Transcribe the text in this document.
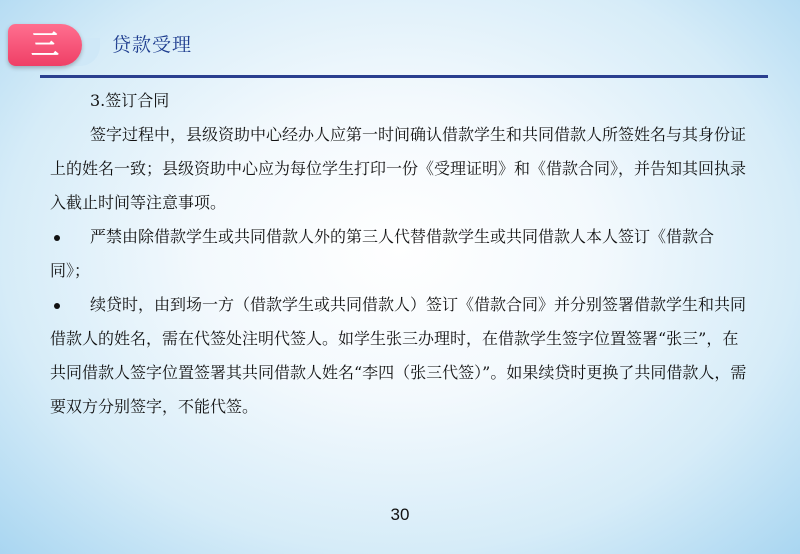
三	贷款受理

3.签订合同

签字过程中，县级资助中心经办人应第一时间确认借款学生和共同借款人所签姓名与其身份证上的姓名一致；县级资助中心应为每位学生打印一份《受理证明》和《借款合同》，并告知其回执录入截止时间等注意事项。

严禁由除借款学生或共同借款人外的第三人代替借款学生或共同借款人本人签订《借款合同》；

续贷时，由到场一方（借款学生或共同借款人）签订《借款合同》并分别签署借款学生和共同借款人的姓名，需在代签处注明代签人。如学生张三办理时，在借款学生签字位置签署“张三”，在共同借款人签字位置签署其共同借款人姓名“李四（张三代签）”。如果续贷时更换了共同借款人，需要双方分别签字，不能代签。

30
